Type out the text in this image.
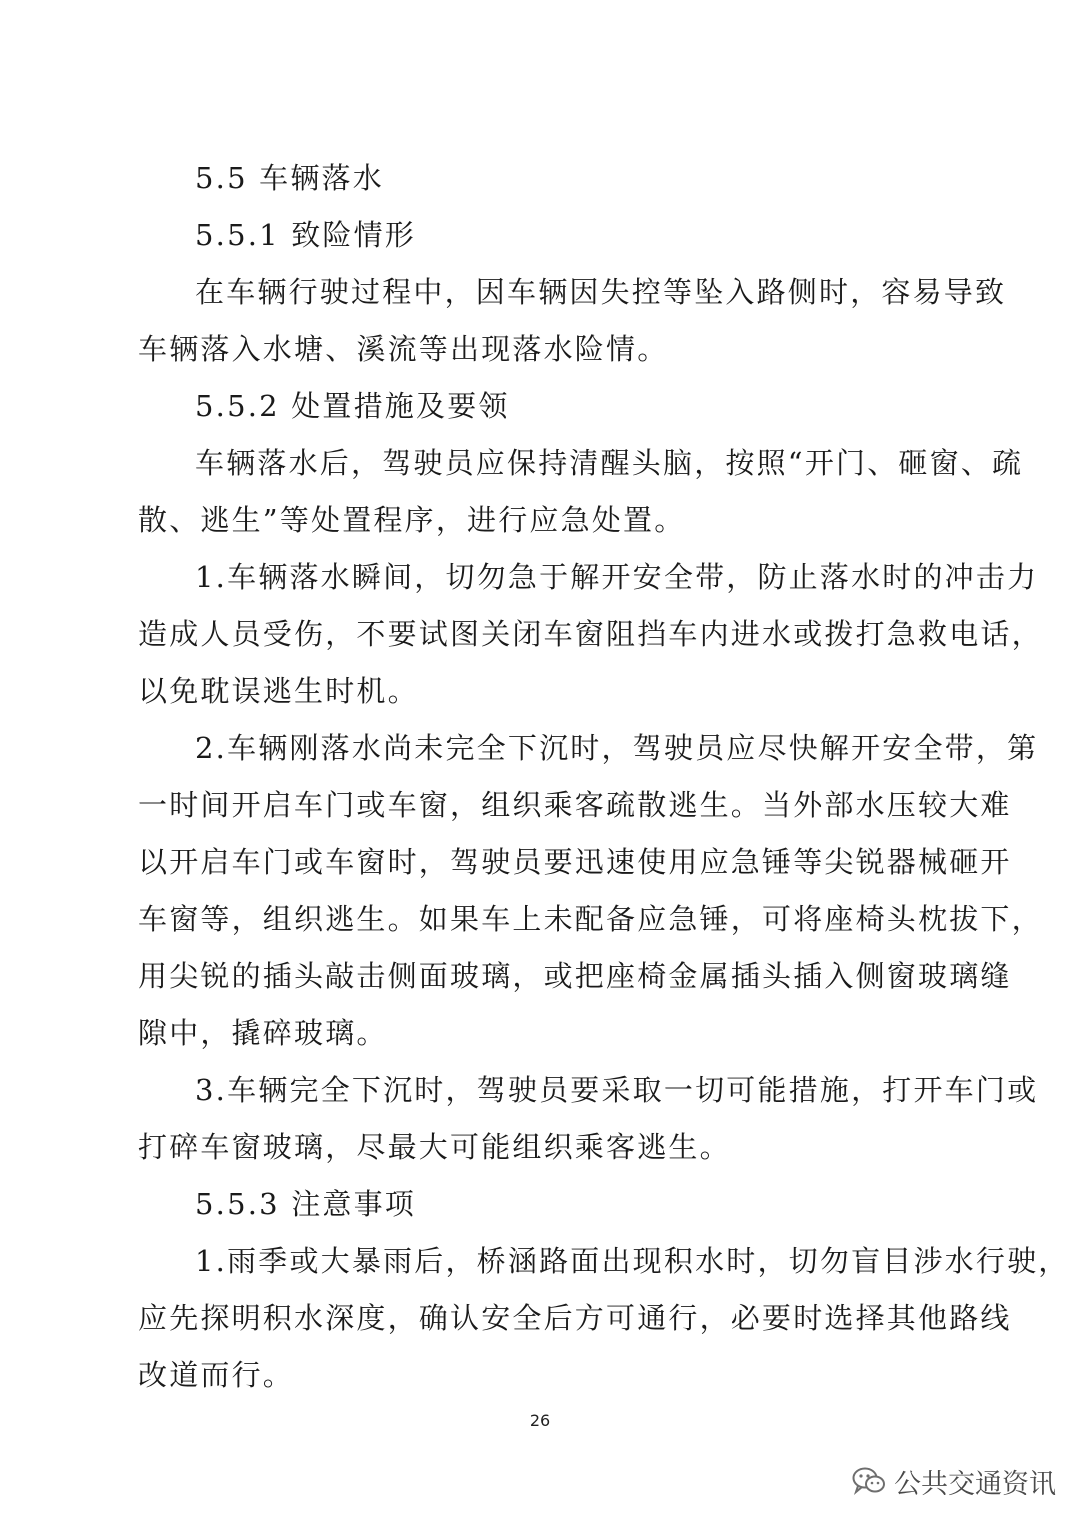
5.5 车辆落水
5.5.1 致险情形
在车辆行驶过程中，因车辆因失控等坠入路侧时，容易导致
车辆落入水塘、溪流等出现落水险情。
5.5.2 处置措施及要领
车辆落水后，驾驶员应保持清醒头脑，按照“开门、砸窗、疏
散、逃生”等处置程序，进行应急处置。
1.车辆落水瞬间，切勿急于解开安全带，防止落水时的冲击力
造成人员受伤，不要试图关闭车窗阻挡车内进水或拨打急救电话，
以免耽误逃生时机。
2.车辆刚落水尚未完全下沉时，驾驶员应尽快解开安全带，第
一时间开启车门或车窗，组织乘客疏散逃生。当外部水压较大难
以开启车门或车窗时，驾驶员要迅速使用应急锤等尖锐器械砸开
车窗等，组织逃生。如果车上未配备应急锤，可将座椅头枕拔下，
用尖锐的插头敲击侧面玻璃，或把座椅金属插头插入侧窗玻璃缝
隙中，撬碎玻璃。
3.车辆完全下沉时，驾驶员要采取一切可能措施，打开车门或
打碎车窗玻璃，尽最大可能组织乘客逃生。
5.5.3 注意事项
1.雨季或大暴雨后，桥涵路面出现积水时，切勿盲目涉水行驶，
应先探明积水深度，确认安全后方可通行，必要时选择其他路线
改道而行。
26
公共交通资讯
